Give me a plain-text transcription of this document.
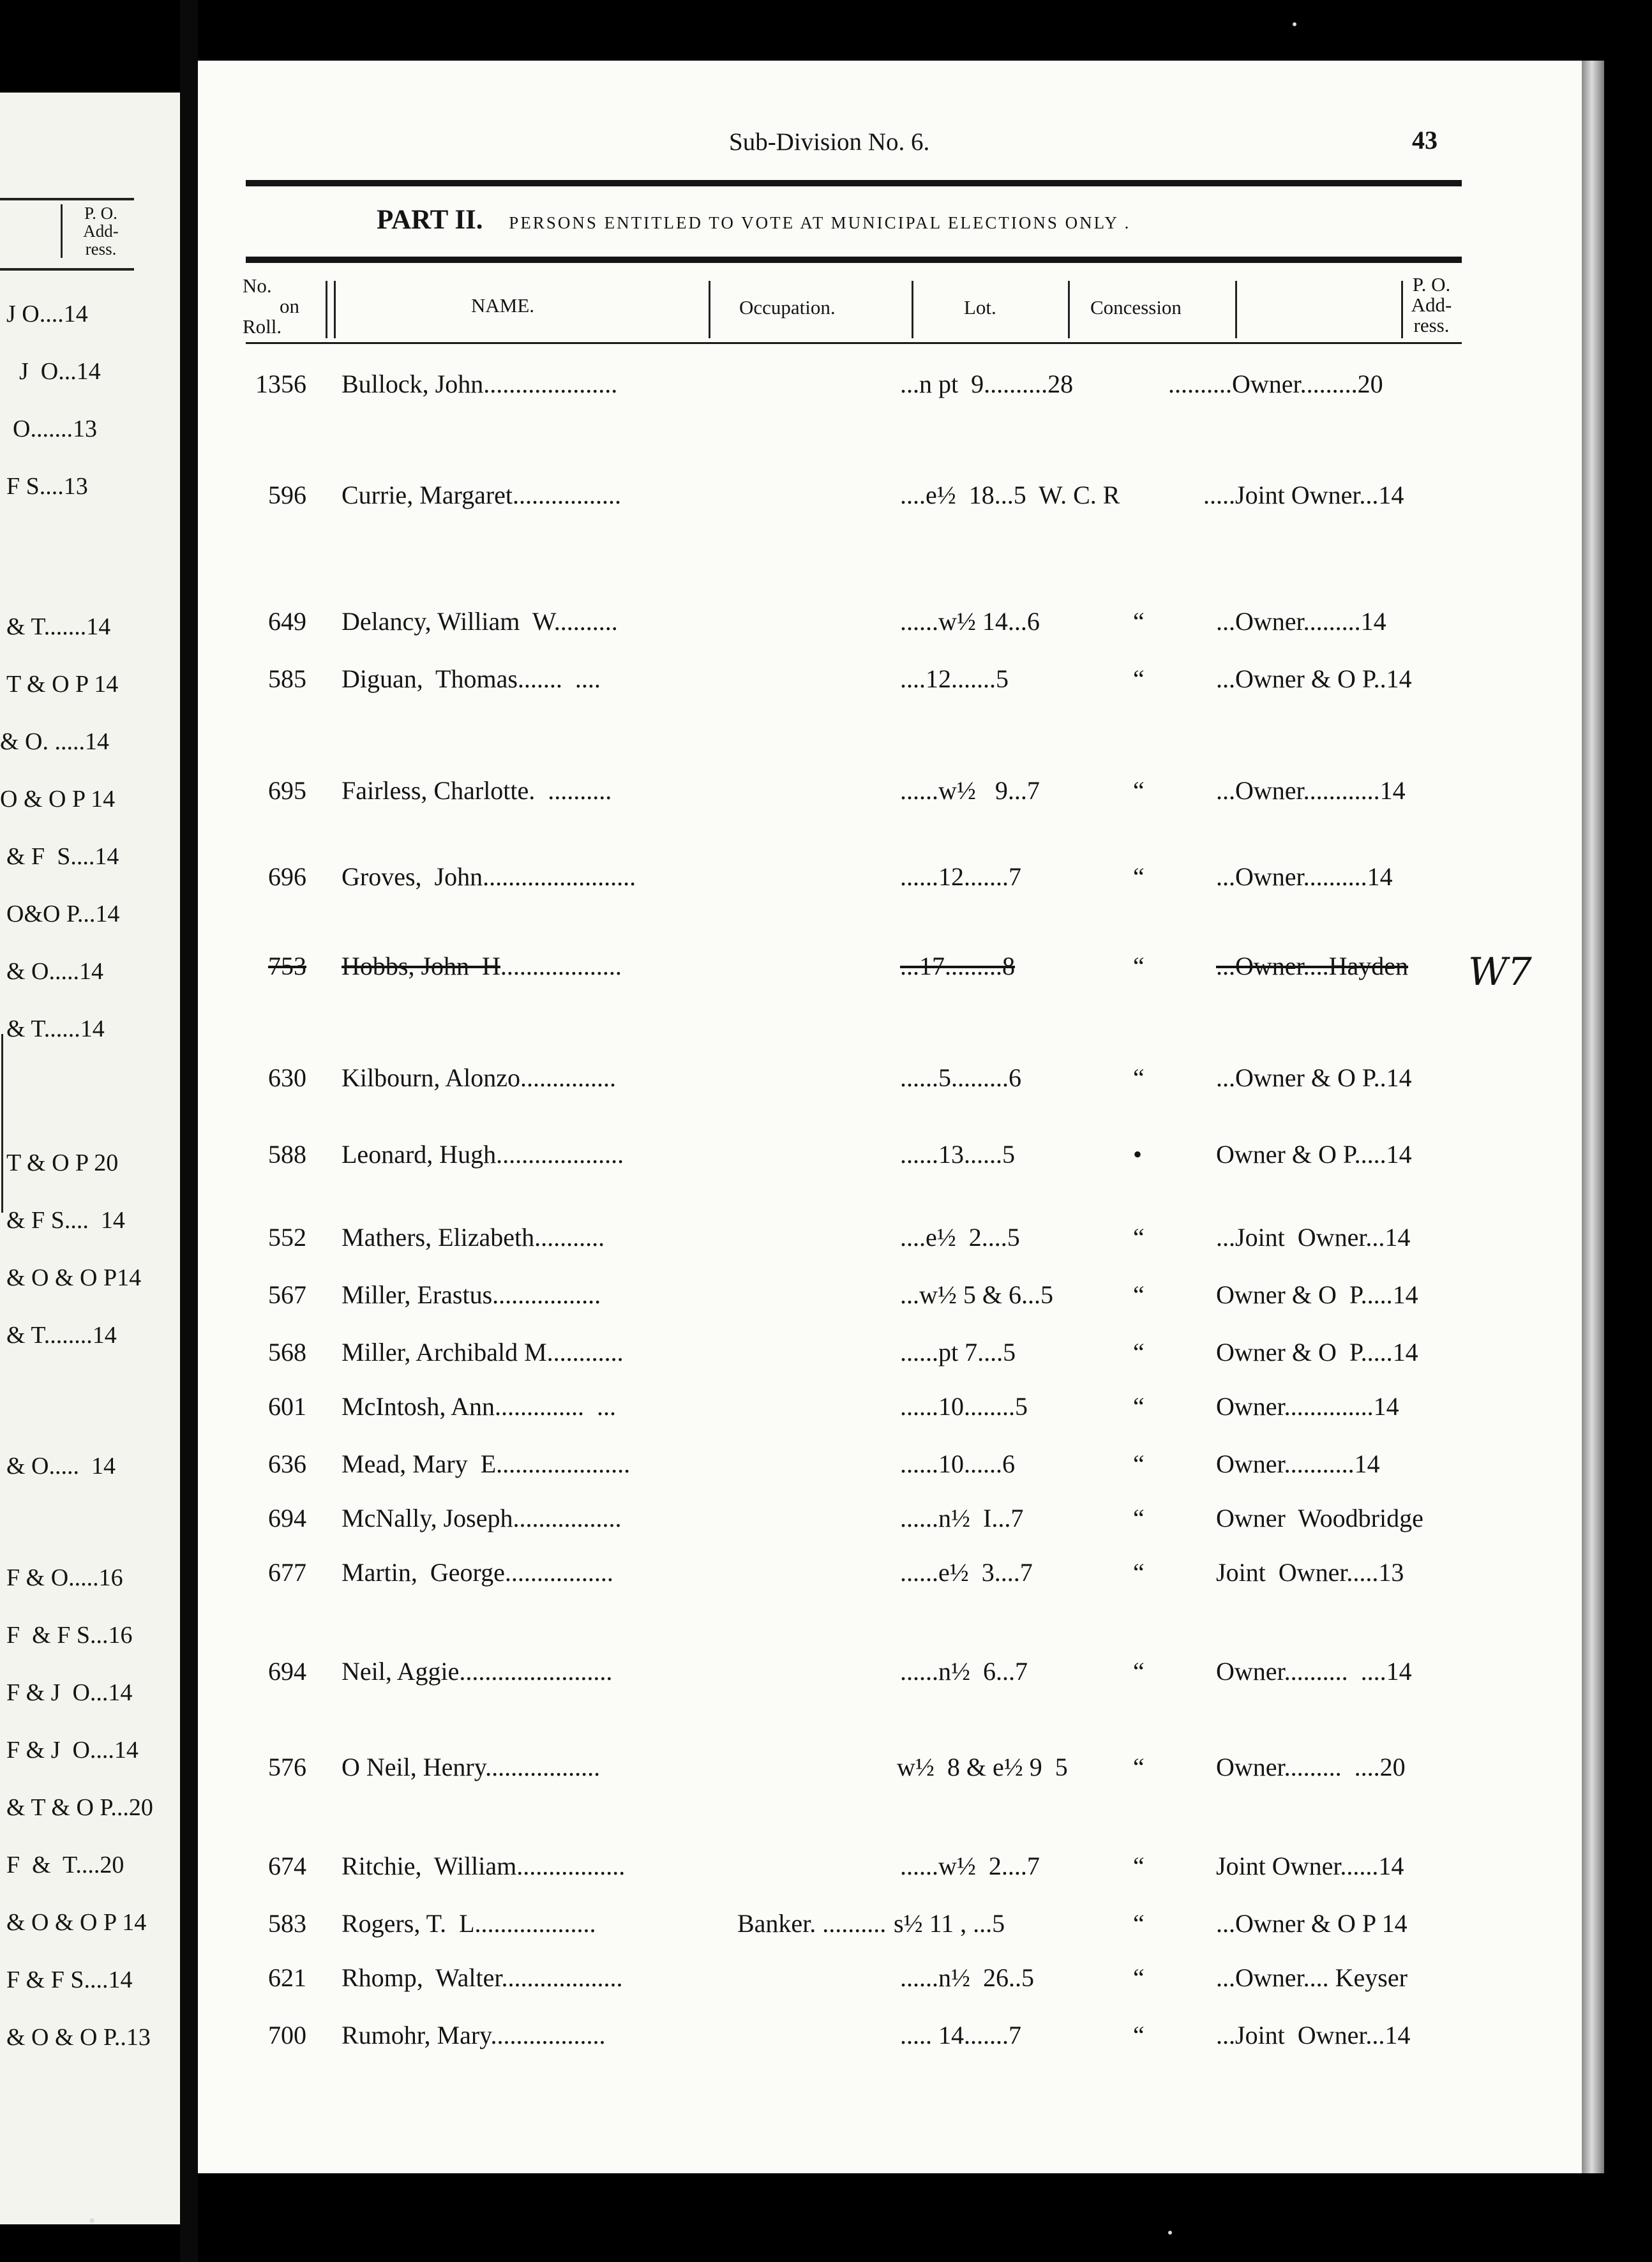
P. O.
Add-
ress.
J O....14
J  O...14
O.......13
F S....13
& T.......14
T & O P 14
& O. .....14
O & O P 14
& F  S....14
O&O P...14
& O.....14
& T......14
T & O P 20
& F S....  14
& O & O P14
& T........14
& O.....  14
F & O.....16
F  & F S...16
F & J  O...14
F & J  O....14
& T & O P...20
F  &  T....20
& O & O P 14
F & F S....14
& O & O P..13
Sub-Division No. 6.	43
PART II. PERSONS ENTITLED TO VOTE AT MUNICIPAL ELECTIONS ONLY .
No.
on
Roll.
NAME.	Occupation.	Lot.	Concession
P. O.
Add-
ress.
1356 Bullock, John.....................	...n pt  9..........28	..........Owner.........20
596 Currie, Margaret.................	....e½  18...5  W. C. R	.....Joint Owner...14
649 Delancy, William  W..........	......w½ 14...6	“	...Owner.........14
585 Diguan,  Thomas.......  ....	....12.......5	“	...Owner & O P..14
695 Fairless, Charlotte.  ..........	......w½   9...7	“	...Owner............14
696 Groves,  John........................	......12.......7	“	...Owner..........14
753 Hobbs, John  H...................	...17.........8	“	...Owner....Hayden
630 Kilbourn, Alonzo...............	......5.........6	“	...Owner & O P..14
588 Leonard, Hugh....................	......13......5	•	Owner & O P.....14
552 Mathers, Elizabeth...........	....e½  2....5	“	...Joint  Owner...14
567 Miller, Erastus.................	...w½ 5 & 6...5	“	Owner & O  P.....14
568 Miller, Archibald M............	......pt 7....5	“	Owner & O  P.....14
601 McIntosh, Ann..............  ...	......10........5	“	Owner..............14
636 Mead, Mary  E.....................	......10......6	“	Owner...........14
694 McNally, Joseph.................	......n½  I...7	“	Owner  Woodbridge
677 Martin,  George.................	......e½  3....7	“	Joint  Owner.....13
694 Neil, Aggie........................	......n½  6...7	“	Owner..........  ....14
576 O Neil, Henry..................	w½  8 & e½ 9  5	“	Owner.........  ....20
674 Ritchie,  William.................	......w½  2....7	“	Joint Owner......14
583 Rogers, T.  L...................	Banker. .......... s½ 11 , ...5	“	...Owner & O P 14
621 Rhomp,  Walter...................	......n½  26..5	“	...Owner.... Keyser
700 Rumohr, Mary..................	..... 14.......7	“	...Joint  Owner...14
W7
